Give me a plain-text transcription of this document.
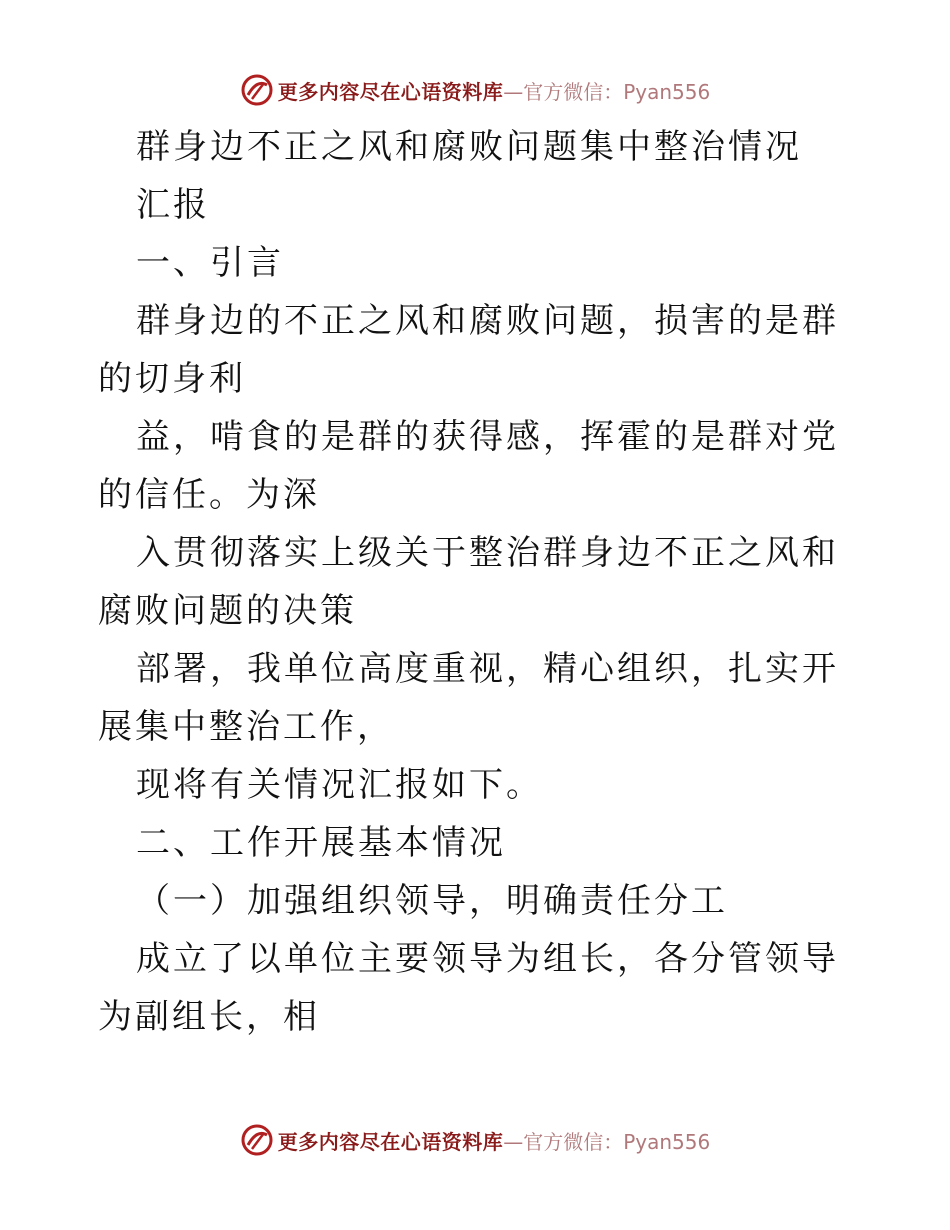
更多内容尽在心语资料库 —官方微信：Pyan556

群身边不正之风和腐败问题集中整治情况

汇报

一、引言

群身边的不正之风和腐败问题，损害的是群的切身利

益，啃食的是群的获得感，挥霍的是群对党的信任。为深

入贯彻落实上级关于整治群身边不正之风和腐败问题的决策

部署，我单位高度重视，精心组织，扎实开展集中整治工作，

现将有关情况汇报如下。

二、工作开展基本情况

（一）加强组织领导，明确责任分工

成立了以单位主要领导为组长，各分管领导为副组长，相

更多内容尽在心语资料库 —官方微信：Pyan556
